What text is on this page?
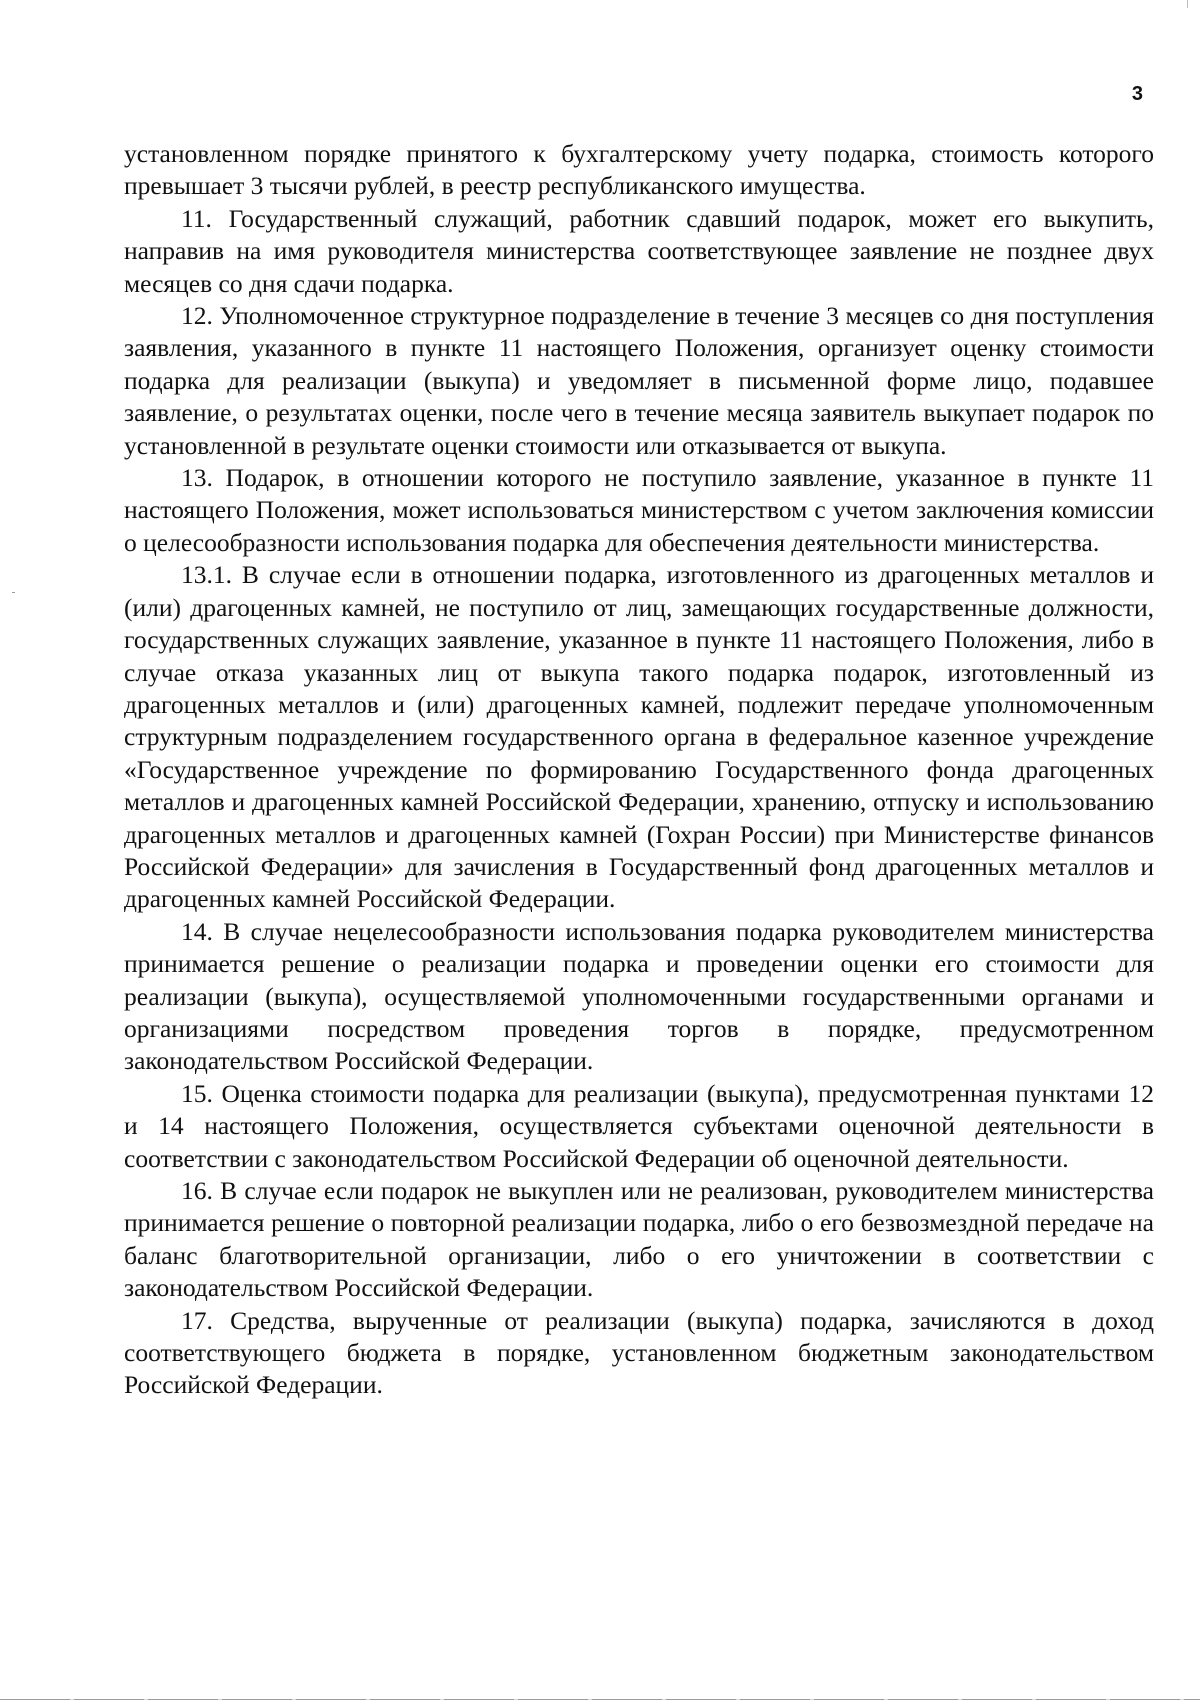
3

установленном порядке принятого к бухгалтерскому учету подарка, стоимость которого превышает 3 тысячи рублей, в реестр республиканского имущества.

11. Государственный служащий, работник сдавший подарок, может его выкупить, направив на имя руководителя министерства соответствующее заявление не позднее двух месяцев со дня сдачи подарка.

12. Уполномоченное структурное подразделение в течение 3 месяцев со дня поступления заявления, указанного в пункте 11 настоящего Положения, организует оценку стоимости подарка для реализации (выкупа) и уведомляет в письменной форме лицо, подавшее заявление, о результатах оценки, после чего в течение месяца заявитель выкупает подарок по установленной в результате оценки стоимости или отказывается от выкупа.

13. Подарок, в отношении которого не поступило заявление, указанное в пункте 11 настоящего Положения, может использоваться министерством с учетом заключения комиссии о целесообразности использования подарка для обеспечения деятельности министерства.

13.1. В случае если в отношении подарка, изготовленного из драгоценных металлов и (или) драгоценных камней, не поступило от лиц, замещающих государственные должности, государственных служащих заявление, указанное в пункте 11 настоящего Положения, либо в случае отказа указанных лиц от выкупа такого подарка подарок, изготовленный из драгоценных металлов и (или) драгоценных камней, подлежит передаче уполномоченным структурным подразделением государственного органа в федеральное казенное учреждение «Государственное учреждение по формированию Государственного фонда драгоценных металлов и драгоценных камней Российской Федерации, хранению, отпуску и использованию драгоценных металлов и драгоценных камней (Гохран России) при Министерстве финансов Российской Федерации» для зачисления в Государственный фонд драгоценных металлов и драгоценных камней Российской Федерации.

14. В случае нецелесообразности использования подарка руководителем министерства принимается решение о реализации подарка и проведении оценки его стоимости для реализации (выкупа), осуществляемой уполномоченными государственными органами и организациями посредством проведения торгов в порядке, предусмотренном законодательством Российской Федерации.

15. Оценка стоимости подарка для реализации (выкупа), предусмотренная пунктами 12 и 14 настоящего Положения, осуществляется субъектами оценочной деятельности в соответствии с законодательством Российской Федерации об оценочной деятельности.

16. В случае если подарок не выкуплен или не реализован, руководителем министерства принимается решение о повторной реализации подарка, либо о его безвозмездной передаче на баланс благотворительной организации, либо о его уничтожении в соответствии с законодательством Российской Федерации.

17. Средства, вырученные от реализации (выкупа) подарка, зачисляются в доход соответствующего бюджета в порядке, установленном бюджетным законодательством Российской Федерации.
